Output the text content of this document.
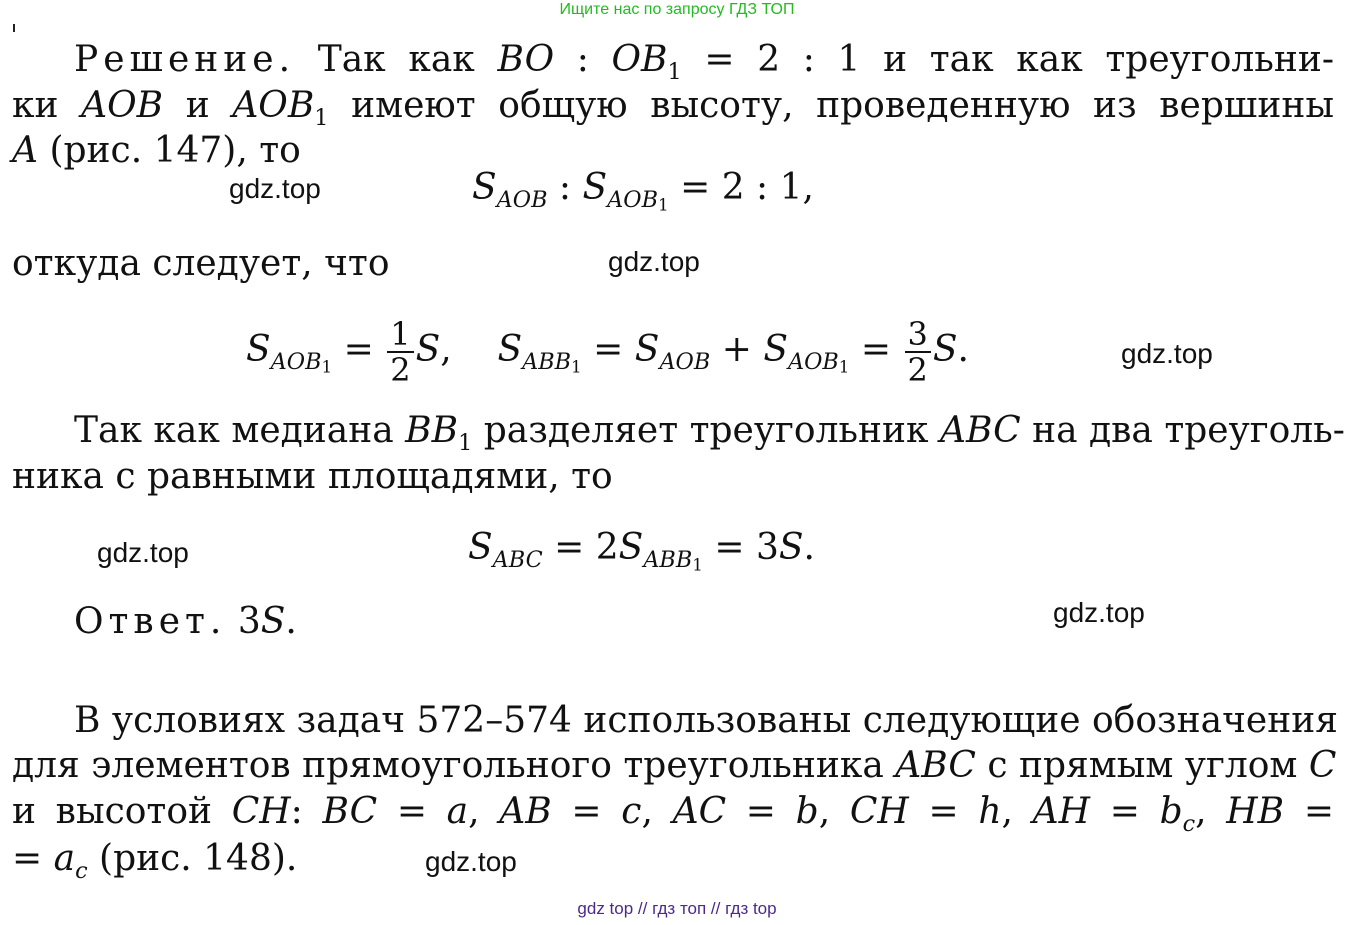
Ищите нас по запросу ГДЗ ТОП
Решение. Так как BO : $OB_1 = 2$ : 1 и так как треугольни-
ки AOB и $AOB_1$ имеют общую высоту, проведенную из вершины
A (рис. 147), то
$S_{AOB}$ : $S_{AOB1} = 2$ : 1,
откуда следует, что
$S_{AOB1} = \frac{1}{2} S$,    $S_{ABB1} = S_{AOB} + S_{AOB1} = \frac{3}{2} S$.
Так как медиана $BB_1$ разделяет треугольник ABC на два треуголь-
ника с равными площадями, то
$S_{ABC} = 2S_{ABB1} = 3S$.
Ответ. 3S.
В условиях задач 572–574 использованы следующие обозначения
для элементов прямоугольного треугольника ABC с прямым углом C
и высотой CH: BC = a, AB = c, AC = b, CH = h, AH = $b_c$, HB =
= $a_c$ (рис. 148).
gdz.top
gdz.top
gdz.top
gdz.top
gdz.top
gdz.top
gdz top // гдз топ // гдз top
